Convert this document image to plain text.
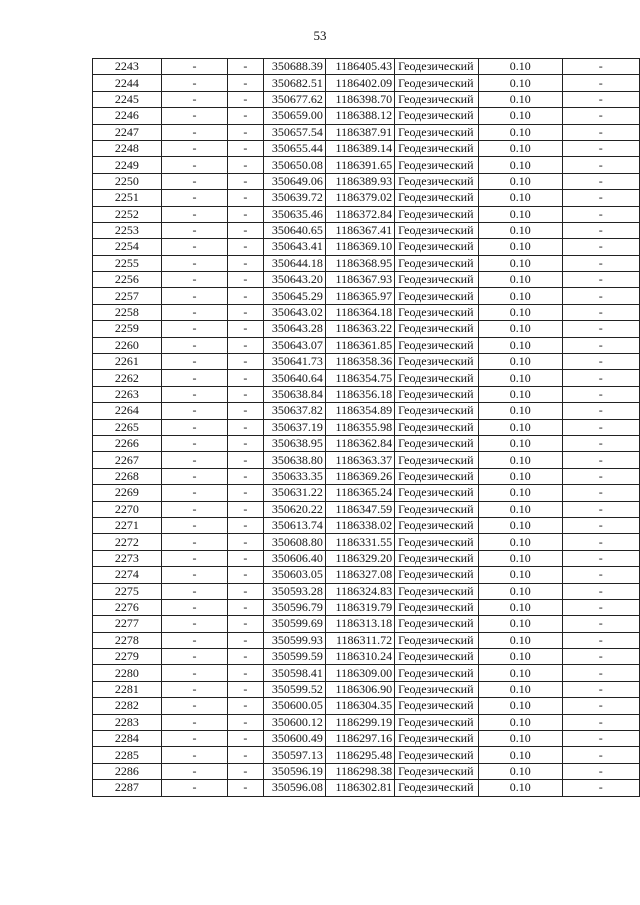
53
2243	-	-	350688.39	1186405.43	Геодезический	0.10	-
2244	-	-	350682.51	1186402.09	Геодезический	0.10	-
2245	-	-	350677.62	1186398.70	Геодезический	0.10	-
2246	-	-	350659.00	1186388.12	Геодезический	0.10	-
2247	-	-	350657.54	1186387.91	Геодезический	0.10	-
2248	-	-	350655.44	1186389.14	Геодезический	0.10	-
2249	-	-	350650.08	1186391.65	Геодезический	0.10	-
2250	-	-	350649.06	1186389.93	Геодезический	0.10	-
2251	-	-	350639.72	1186379.02	Геодезический	0.10	-
2252	-	-	350635.46	1186372.84	Геодезический	0.10	-
2253	-	-	350640.65	1186367.41	Геодезический	0.10	-
2254	-	-	350643.41	1186369.10	Геодезический	0.10	-
2255	-	-	350644.18	1186368.95	Геодезический	0.10	-
2256	-	-	350643.20	1186367.93	Геодезический	0.10	-
2257	-	-	350645.29	1186365.97	Геодезический	0.10	-
2258	-	-	350643.02	1186364.18	Геодезический	0.10	-
2259	-	-	350643.28	1186363.22	Геодезический	0.10	-
2260	-	-	350643.07	1186361.85	Геодезический	0.10	-
2261	-	-	350641.73	1186358.36	Геодезический	0.10	-
2262	-	-	350640.64	1186354.75	Геодезический	0.10	-
2263	-	-	350638.84	1186356.18	Геодезический	0.10	-
2264	-	-	350637.82	1186354.89	Геодезический	0.10	-
2265	-	-	350637.19	1186355.98	Геодезический	0.10	-
2266	-	-	350638.95	1186362.84	Геодезический	0.10	-
2267	-	-	350638.80	1186363.37	Геодезический	0.10	-
2268	-	-	350633.35	1186369.26	Геодезический	0.10	-
2269	-	-	350631.22	1186365.24	Геодезический	0.10	-
2270	-	-	350620.22	1186347.59	Геодезический	0.10	-
2271	-	-	350613.74	1186338.02	Геодезический	0.10	-
2272	-	-	350608.80	1186331.55	Геодезический	0.10	-
2273	-	-	350606.40	1186329.20	Геодезический	0.10	-
2274	-	-	350603.05	1186327.08	Геодезический	0.10	-
2275	-	-	350593.28	1186324.83	Геодезический	0.10	-
2276	-	-	350596.79	1186319.79	Геодезический	0.10	-
2277	-	-	350599.69	1186313.18	Геодезический	0.10	-
2278	-	-	350599.93	1186311.72	Геодезический	0.10	-
2279	-	-	350599.59	1186310.24	Геодезический	0.10	-
2280	-	-	350598.41	1186309.00	Геодезический	0.10	-
2281	-	-	350599.52	1186306.90	Геодезический	0.10	-
2282	-	-	350600.05	1186304.35	Геодезический	0.10	-
2283	-	-	350600.12	1186299.19	Геодезический	0.10	-
2284	-	-	350600.49	1186297.16	Геодезический	0.10	-
2285	-	-	350597.13	1186295.48	Геодезический	0.10	-
2286	-	-	350596.19	1186298.38	Геодезический	0.10	-
2287	-	-	350596.08	1186302.81	Геодезический	0.10	-
